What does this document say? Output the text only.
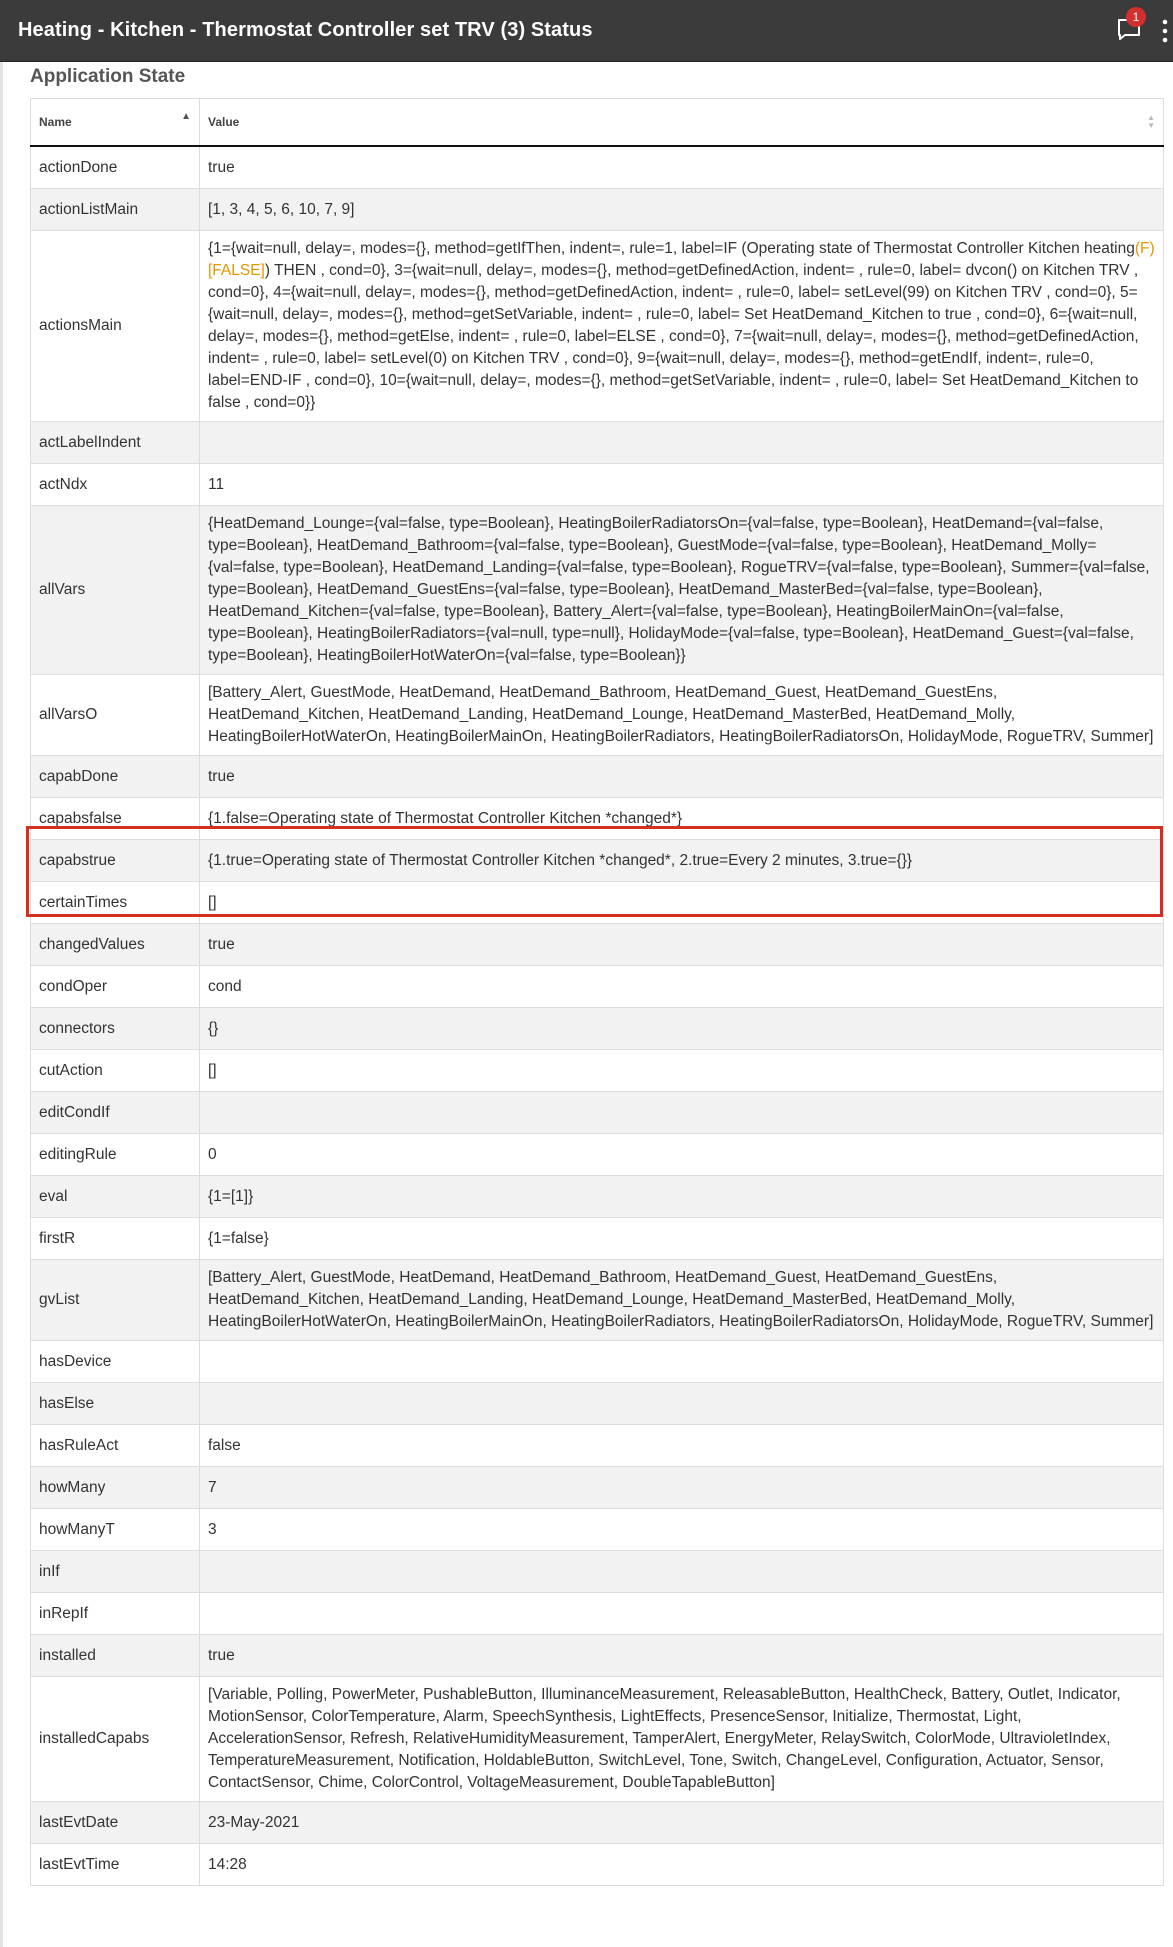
Heating - Kitchen - Thermostat Controller set TRV (3) Status
1
Application State
Name ▲	Value ▲
▼

actionDone	true
actionListMain	[1, 3, 4, 5, 6, 10, 7, 9]
actionsMain	{1={wait=null, delay=, modes={}, method=getIfThen, indent=, rule=1, label=IF (Operating state of Thermostat Controller Kitchen heating(F) [FALSE]) THEN , cond=0}, 3={wait=null, delay=, modes={}, method=getDefinedAction, indent= , rule=0, label= dvcon() on Kitchen TRV , cond=0}, 4={wait=null, delay=, modes={}, method=getDefinedAction, indent= , rule=0, label= setLevel(99) on Kitchen TRV , cond=0}, 5={wait=null, delay=, modes={}, method=getSetVariable, indent= , rule=0, label= Set HeatDemand_Kitchen to true , cond=0}, 6={wait=null, delay=, modes={}, method=getElse, indent= , rule=0, label=ELSE , cond=0}, 7={wait=null, delay=, modes={}, method=getDefinedAction, indent= , rule=0, label= setLevel(0) on Kitchen TRV , cond=0}, 9={wait=null, delay=, modes={}, method=getEndIf, indent=, rule=0, label=END-IF , cond=0}, 10={wait=null, delay=, modes={}, method=getSetVariable, indent= , rule=0, label= Set HeatDemand_Kitchen to false , cond=0}}
actLabelIndent	
actNdx	11
allVars	{HeatDemand_Lounge={val=false, type=Boolean}, HeatingBoilerRadiatorsOn={val=false, type=Boolean}, HeatDemand={val=false, type=Boolean}, HeatDemand_Bathroom={val=false, type=Boolean}, GuestMode={val=false, type=Boolean}, HeatDemand_Molly={val=false, type=Boolean}, HeatDemand_Landing={val=false, type=Boolean}, RogueTRV={val=false, type=Boolean}, Summer={val=false, type=Boolean}, HeatDemand_GuestEns={val=false, type=Boolean}, HeatDemand_MasterBed={val=false, type=Boolean}, HeatDemand_Kitchen={val=false, type=Boolean}, Battery_Alert={val=false, type=Boolean}, HeatingBoilerMainOn={val=false, type=Boolean}, HeatingBoilerRadiators={val=null, type=null}, HolidayMode={val=false, type=Boolean}, HeatDemand_Guest={val=false, type=Boolean}, HeatingBoilerHotWaterOn={val=false, type=Boolean}}
allVarsO	[Battery_Alert, GuestMode, HeatDemand, HeatDemand_Bathroom, HeatDemand_Guest, HeatDemand_GuestEns, HeatDemand_Kitchen, HeatDemand_Landing, HeatDemand_Lounge, HeatDemand_MasterBed, HeatDemand_Molly, HeatingBoilerHotWaterOn, HeatingBoilerMainOn, HeatingBoilerRadiators, HeatingBoilerRadiatorsOn, HolidayMode, RogueTRV, Summer]
capabDone	true
capabsfalse	{1.false=Operating state of Thermostat Controller Kitchen *changed*}
capabstrue	{1.true=Operating state of Thermostat Controller Kitchen *changed*, 2.true=Every 2 minutes, 3.true={}}
certainTimes	[]
changedValues	true
condOper	cond
connectors	{}
cutAction	[]
editCondIf	
editingRule	0
eval	{1=[1]}
firstR	{1=false}
gvList	[Battery_Alert, GuestMode, HeatDemand, HeatDemand_Bathroom, HeatDemand_Guest, HeatDemand_GuestEns, HeatDemand_Kitchen, HeatDemand_Landing, HeatDemand_Lounge, HeatDemand_MasterBed, HeatDemand_Molly, HeatingBoilerHotWaterOn, HeatingBoilerMainOn, HeatingBoilerRadiators, HeatingBoilerRadiatorsOn, HolidayMode, RogueTRV, Summer]
hasDevice	
hasElse	
hasRuleAct	false
howMany	7
howManyT	3
inIf	
inRepIf	
installed	true
installedCapabs	[Variable, Polling, PowerMeter, PushableButton, IlluminanceMeasurement, ReleasableButton, HealthCheck, Battery, Outlet, Indicator, MotionSensor, ColorTemperature, Alarm, SpeechSynthesis, LightEffects, PresenceSensor, Initialize, Thermostat, Light, AccelerationSensor, Refresh, RelativeHumidityMeasurement, TamperAlert, EnergyMeter, RelaySwitch, ColorMode, UltravioletIndex, TemperatureMeasurement, Notification, HoldableButton, SwitchLevel, Tone, Switch, ChangeLevel, Configuration, Actuator, Sensor, ContactSensor, Chime, ColorControl, VoltageMeasurement, DoubleTapableButton]
lastEvtDate	23-May-2021
lastEvtTime	14:28
